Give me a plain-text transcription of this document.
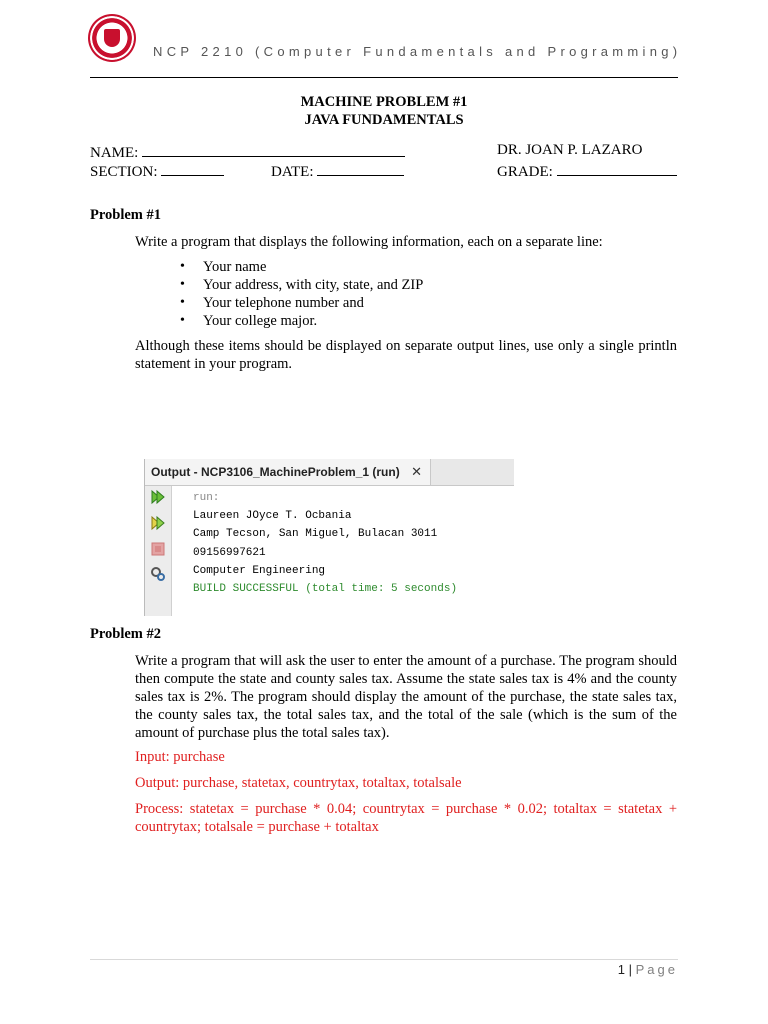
NCP 2210 (Computer Fundamentals and Programming)
MACHINE PROBLEM #1
JAVA FUNDAMENTALS
NAME:	DR. JOAN P. LAZARO
SECTION:	DATE:	GRADE:
Problem #1
Write a program that displays the following information, each on a separate line:
• Your name
• Your address, with city, state, and ZIP
• Your telephone number and
• Your college major.
Although these items should be displayed on separate output lines, use only a single println statement in your program.
Output - NCP3106_MachineProblem_1 (run) ✕
run:
Laureen JOyce T. Ocbania
Camp Tecson, San Miguel, Bulacan 3011
09156997621
Computer Engineering
BUILD SUCCESSFUL (total time: 5 seconds)
Problem #2
Write a program that will ask the user to enter the amount of a purchase. The program should then compute the state and county sales tax. Assume the state sales tax is 4% and the county sales tax is 2%. The program should display the amount of the purchase, the state sales tax, the county sales tax, the total sales tax, and the total of the sale (which is the sum of the amount of purchase plus the total sales tax).
Input: purchase
Output: purchase, statetax, countrytax, totaltax, totalsale
Process: statetax = purchase * 0.04; countrytax = purchase * 0.02; totaltax = statetax + countrytax; totalsale = purchase + totaltax
1 | Page
